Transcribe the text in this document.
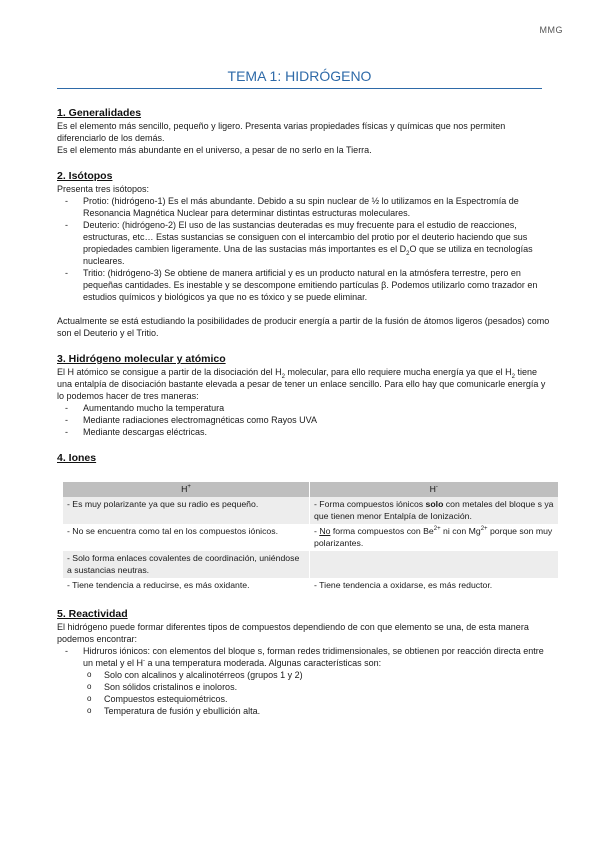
MMG
TEMA 1: HIDRÓGENO
1. Generalidades

Es el elemento más sencillo, pequeño y ligero. Presenta varias propiedades físicas y químicas que nos permiten diferenciarlo de los demás.

Es el elemento más abundante en el universo, a pesar de no serlo en la Tierra.

2. Isótopos

Presenta tres isótopos:

- Protio: (hidrógeno-1) Es el más abundante. Debido a su spin nuclear de ½ lo utilizamos en la Espectromía de Resonancia Magnética Nuclear para determinar distintas estructuras moleculares.
- Deuterio: (hidrógeno-2) El uso de las sustancias deuteradas es muy frecuente para el estudio de reacciones, estructuras, etc… Estas sustancias se consiguen con el intercambio del protio por el deuterio haciendo que sus propiedades cambien ligeramente. Una de las sustacias más importantes es el $D_2O$ que se utiliza en tecnologías nucleares.
- Tritio: (hidrógeno-3) Se obtiene de manera artificial y es un producto natural en la atmósfera terrestre, pero en pequeñas cantidades. Es inestable y se descompone emitiendo partículas β. Podemos utilizarlo como trazador en estudios químicos y biológicos ya que no es tóxico y se puede eliminar.

Actualmente se está estudiando la posibilidades de producir energía a partir de la fusión de átomos ligeros (pesados) como son el Deuterio y el Tritio.

3. Hidrógeno molecular y atómico

El H atómico se consigue a partir de la disociación del $H_2$ molecular, para ello requiere mucha energía ya que el $H_2$ tiene una entalpía de disociación bastante elevada a pesar de tener un enlace sencillo. Para ello hay que comunicarle energía y lo podemos hacer de tres maneras:

- Aumentando mucho la temperatura
- Mediante radiaciones electromagnéticas como Rayos UVA
- Mediante descargas eléctricas.
4. Iones
H+	H-
- Es muy polarizante ya que su radio es pequeño.	- Forma compuestos iónicos solo con metales del bloque s ya que tienen menor Entalpía de Ionización.
- No se encuentra como tal en los compuestos iónicos.	- No forma compuestos con $Be^{2+}$ ni con $Mg^{2+}$ porque son muy polarizantes.
- Solo forma enlaces covalentes de coordinación, uniéndose a sustancias neutras.	
- Tiene tendencia a reducirse, es más oxidante.	- Tiene tendencia a oxidarse, es más reductor.
5. Reactividad

El hidrógeno puede formar diferentes tipos de compuestos dependiendo de con que elemento se una, de esta manera podemos encontrar:

- Hidruros iónicos: con elementos del bloque s, forman redes tridimensionales, se obtienen por reacción directa entre un metal y el H- a una temperatura moderada. Algunas características son:
o Solo con alcalinos y alcalinotérreos (grupos 1 y 2)
o Son sólidos cristalinos e inoloros.
o Compuestos estequiométricos.
o Temperatura de fusión y ebullición alta.
